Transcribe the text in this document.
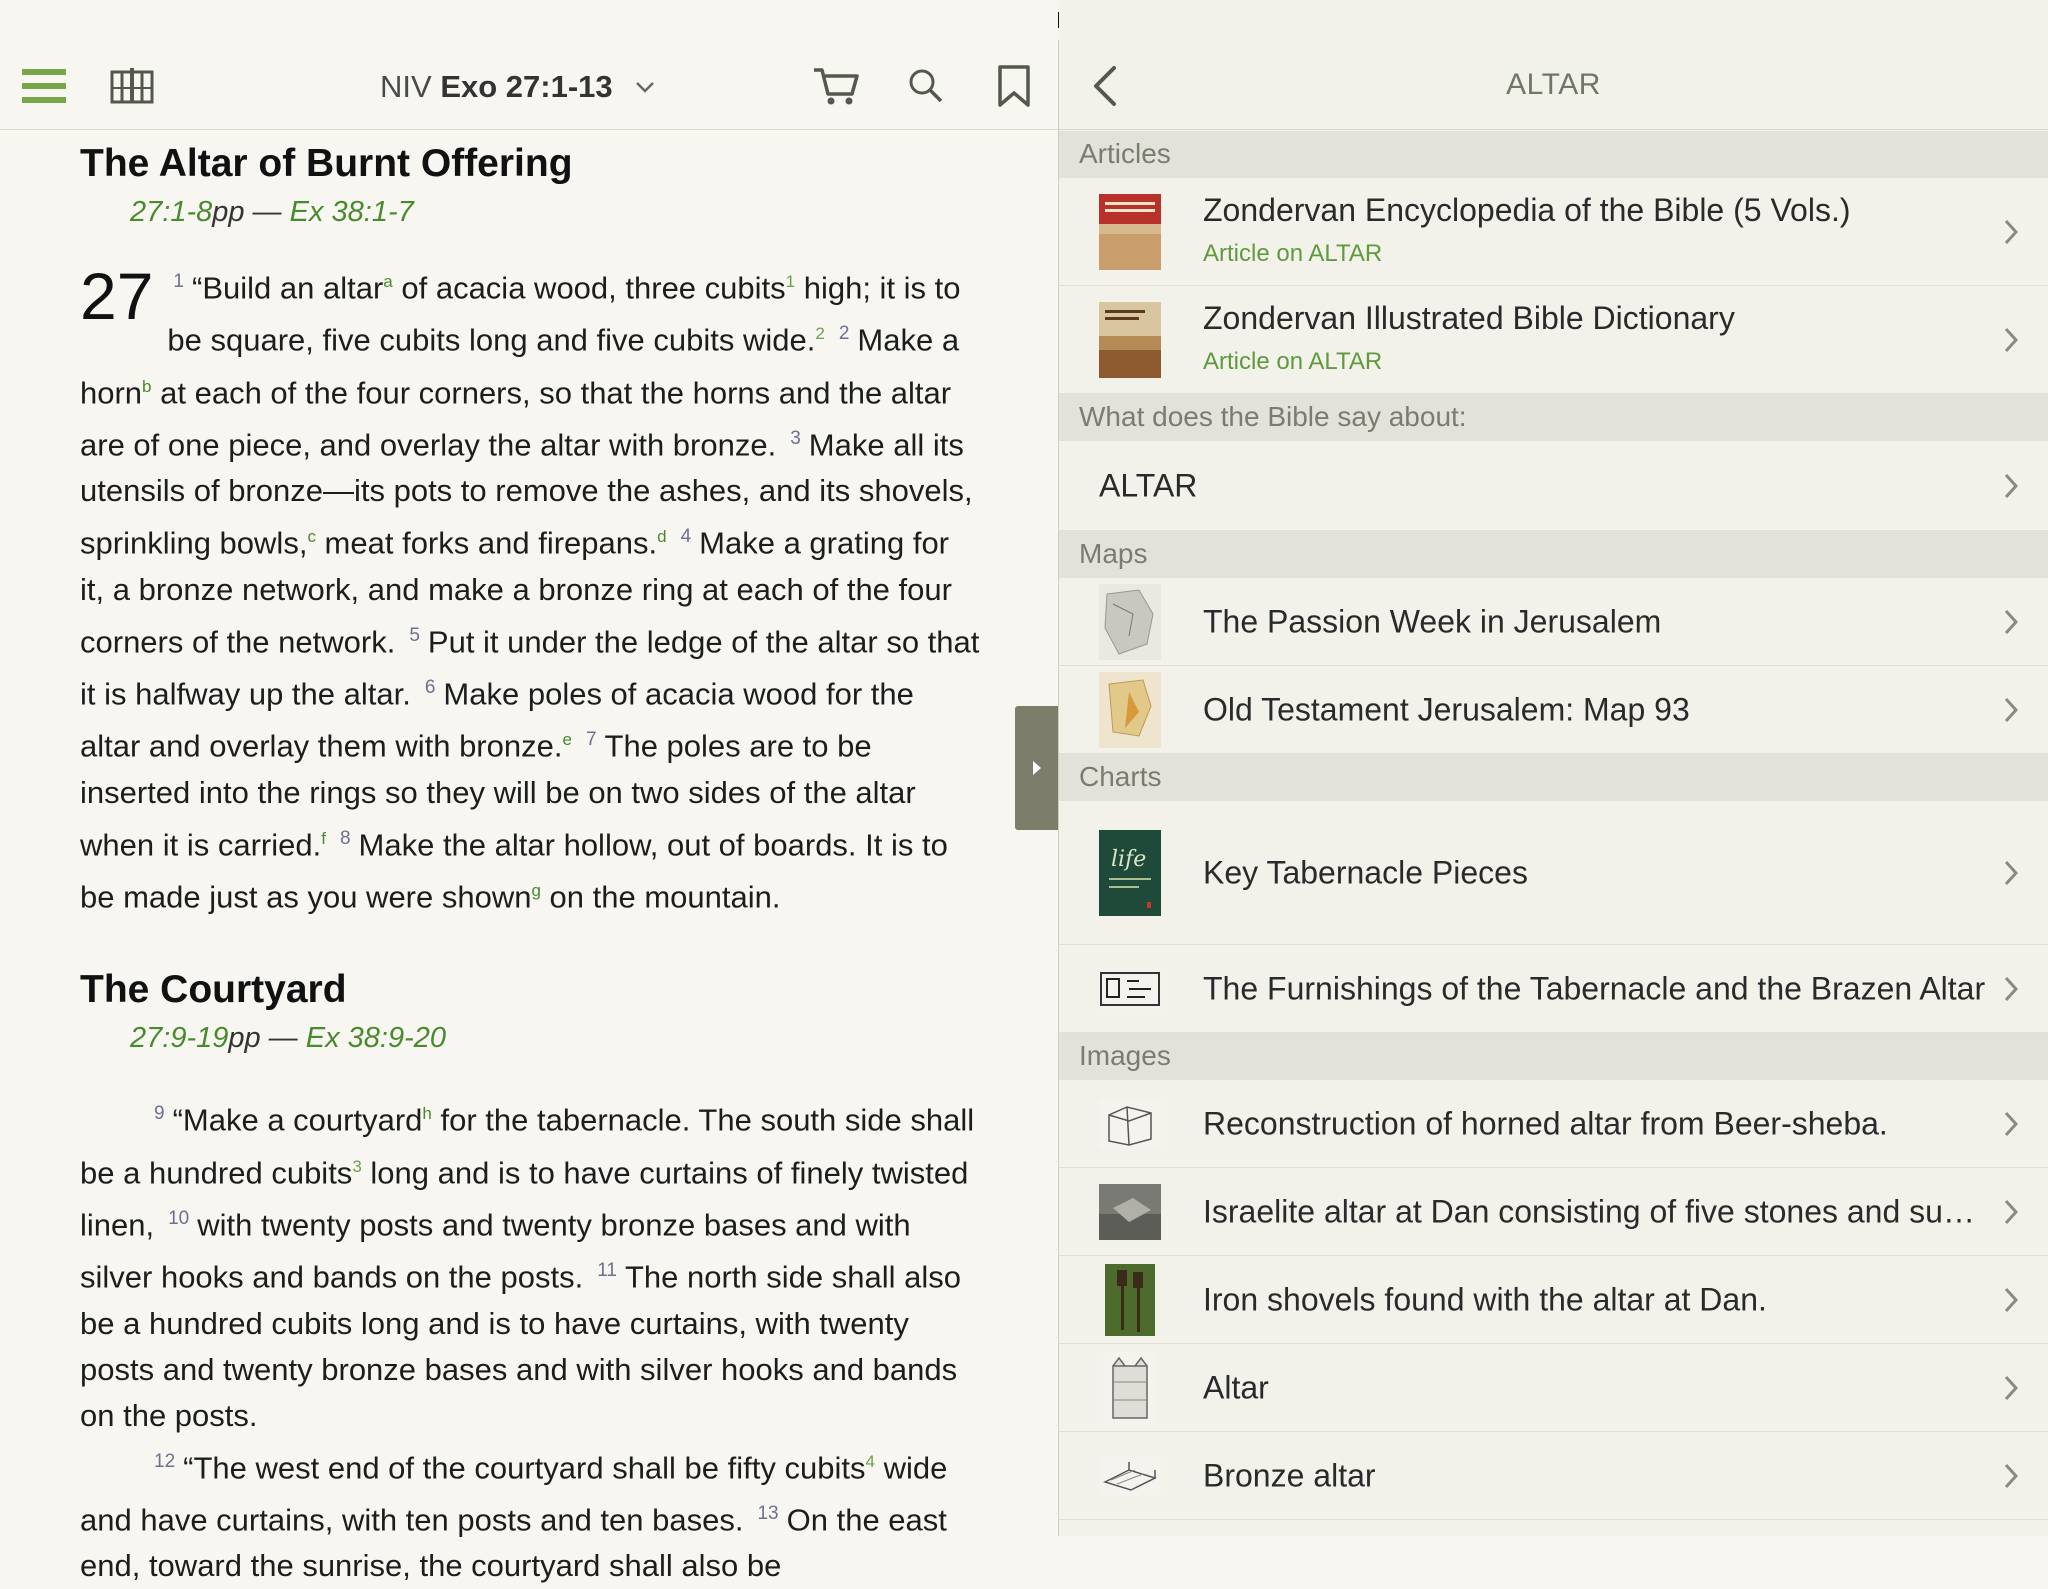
NIV Exo 27:1-13
The Altar of Burnt Offering
27:1-8pp — Ex 38:1-7
27 $^1$ “Build an altar$^a$ of acacia wood, three cubits$^1$ high; it is to be square, five cubits long and five cubits wide.$^2$ $^2$ Make a horn$^b$ at each of the four corners, so that the horns and the altar are of one piece, and overlay the altar with bronze. $^3$ Make all its utensils of bronze—its pots to remove the ashes, and its shovels, sprinkling bowls,$^c$ meat forks and firepans.$^d$ $^4$ Make a grating for it, a bronze network, and make a bronze ring at each of the four corners of the network. $^5$ Put it under the ledge of the altar so that it is halfway up the altar. $^6$ Make poles of acacia wood for the altar and overlay them with bronze.$^e$ $^7$ The poles are to be inserted into the rings so they will be on two sides of the altar when it is carried.$^f$ $^8$ Make the altar hollow, out of boards. It is to be made just as you were shown$^g$ on the mountain.
The Courtyard
27:9-19pp — Ex 38:9-20
$^9$ “Make a courtyard$^h$ for the tabernacle. The south side shall be a hundred cubits$^3$ long and is to have curtains of finely twisted linen, $^{10}$ with twenty posts and twenty bronze bases and with silver hooks and bands on the posts. $^{11}$ The north side shall also be a hundred cubits long and is to have curtains, with twenty posts and twenty bronze bases and with silver hooks and bands on the posts.
$^{12}$ “The west end of the courtyard shall be fifty cubits$^4$ wide and have curtains, with ten posts and ten bases. $^{13}$ On the east end, toward the sunrise, the courtyard shall also be
ALTAR
Articles
Zondervan Encyclopedia of the Bible (5 Vols.)
Article on ALTAR
Zondervan Illustrated Bible Dictionary
Article on ALTAR
What does the Bible say about:
ALTAR
Maps
The Passion Week in Jerusalem
Old Testament Jerusalem: Map 93
Charts
life Key Tabernacle Pieces
The Furnishings of the Tabernacle and the Brazen Altar
Images
Reconstruction of horned altar from Beer-sheba.
Israelite altar at Dan consisting of five stones and su…
Iron shovels found with the altar at Dan.
Altar
Bronze altar
